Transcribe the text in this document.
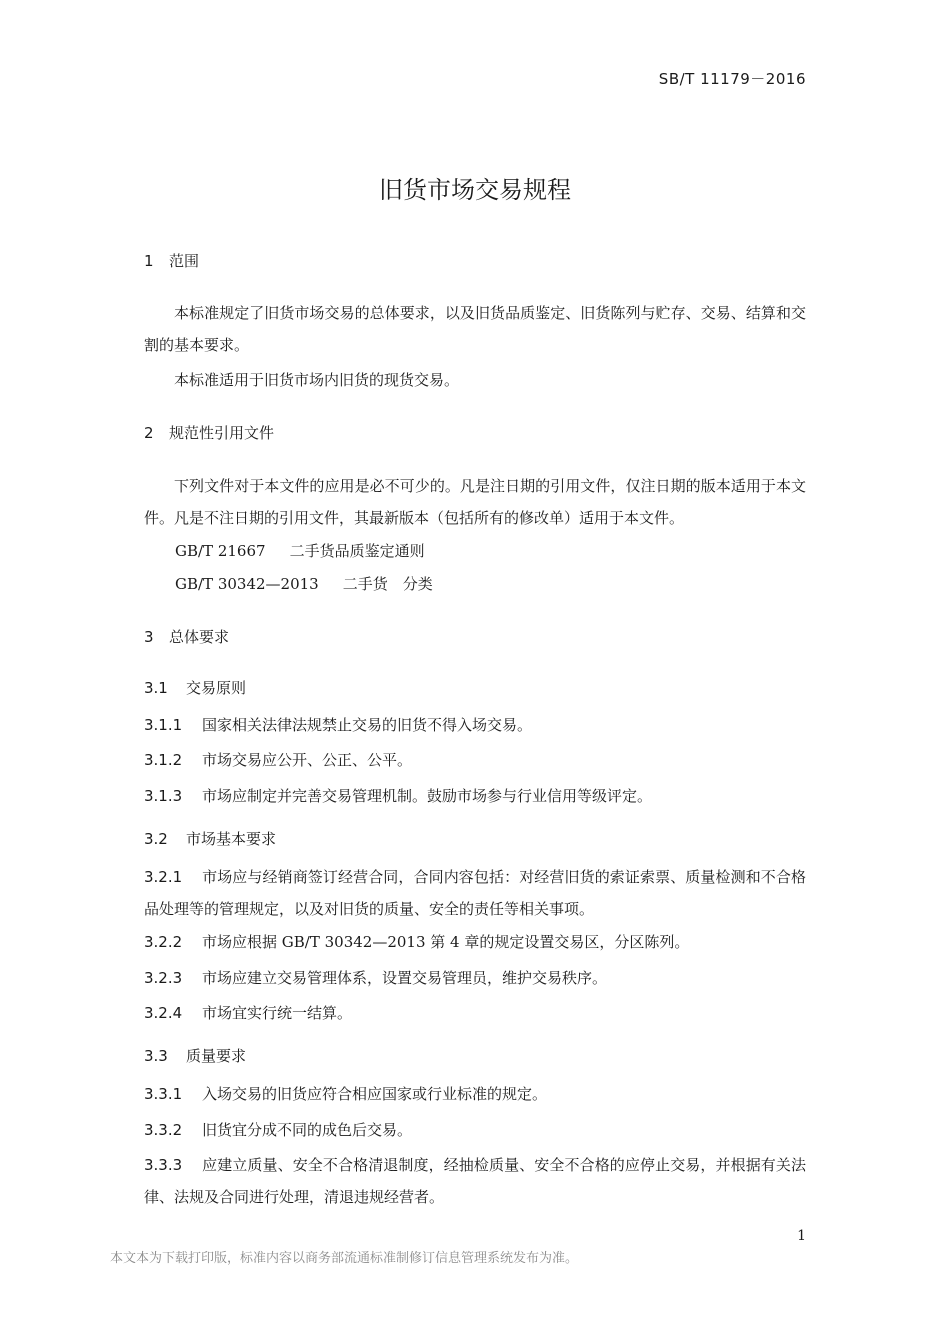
SB/T 11179－2016
旧货市场交易规程
1 范围
本标准规定了旧货市场交易的总体要求，以及旧货品质鉴定、旧货陈列与贮存、交易、结算和交割的基本要求。
本标准适用于旧货市场内旧货的现货交易。
2 规范性引用文件
下列文件对于本文件的应用是必不可少的。凡是注日期的引用文件，仅注日期的版本适用于本文件。凡是不注日期的引用文件，其最新版本（包括所有的修改单）适用于本文件。
GB/T 21667 二手货品质鉴定通则
GB/T 30342—2013 二手货　分类
3 总体要求
3.1 交易原则
3.1.1 国家相关法律法规禁止交易的旧货不得入场交易。
3.1.2 市场交易应公开、公正、公平。
3.1.3 市场应制定并完善交易管理机制。鼓励市场参与行业信用等级评定。
3.2 市场基本要求
3.2.1 市场应与经销商签订经营合同，合同内容包括：对经营旧货的索证索票、质量检测和不合格品处理等的管理规定，以及对旧货的质量、安全的责任等相关事项。
3.2.2 市场应根据 GB/T 30342—2013 第 4 章的规定设置交易区，分区陈列。
3.2.3 市场应建立交易管理体系，设置交易管理员，维护交易秩序。
3.2.4 市场宜实行统一结算。
3.3 质量要求
3.3.1 入场交易的旧货应符合相应国家或行业标准的规定。
3.3.2 旧货宜分成不同的成色后交易。
3.3.3 应建立质量、安全不合格清退制度，经抽检质量、安全不合格的应停止交易，并根据有关法律、法规及合同进行处理，清退违规经营者。
1
本文本为下载打印版，标准内容以商务部流通标准制修订信息管理系统发布为准。
